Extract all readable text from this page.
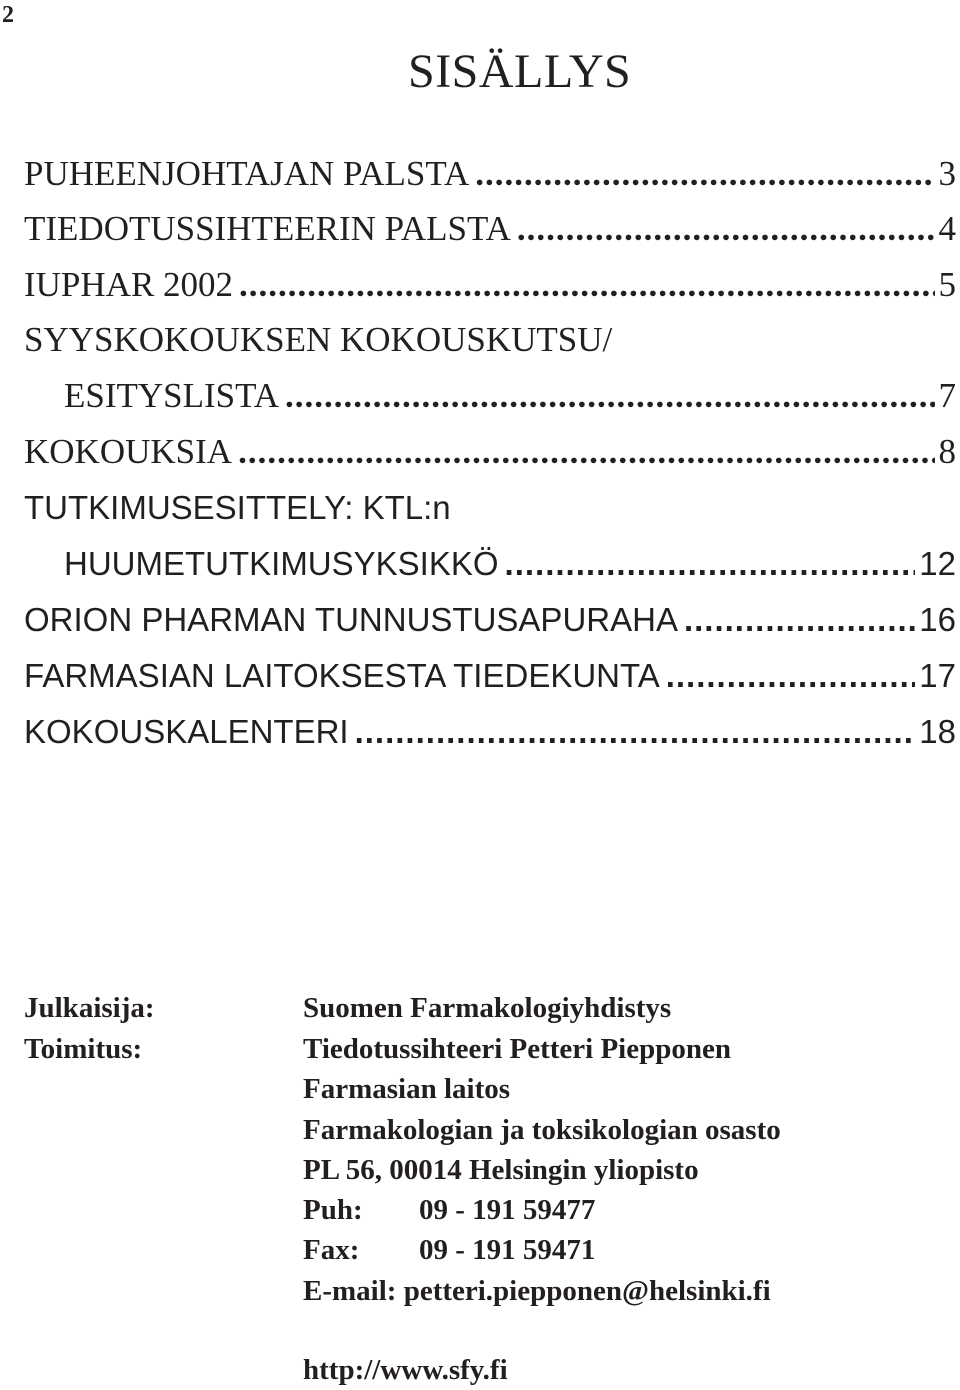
2
SISÄLLYS
PUHEENJOHTAJAN PALSTA .....	3
TIEDOTUSSIHTEERIN PALSTA .....	4
IUPHAR 2002 .....	5
SYYSKOKOUKSEN KOKOUSKUTSU/
ESITYSLISTA .....	7
KOKOUKSIA .....	8
TUTKIMUSESITTELY: KTL:n
HUUMETUTKIMUSYKSIKKÖ .....	12
ORION PHARMAN TUNNUSTUSAPURAHA .....	16
FARMASIAN LAITOKSESTA TIEDEKUNTA .....	17
KOKOUSKALENTERI .....	18
Julkaisija:	Suomen Farmakologiyhdistys
Toimitus:	Tiedotussihteeri Petteri Piepponen
Farmasian laitos
Farmakologian ja toksikologian osasto
PL 56, 00014 Helsingin yliopisto
Puh: 09 - 191 59477
Fax: 09 - 191 59471
E-mail: petteri.piepponen@helsinki.fi
http://www.sfy.fi
